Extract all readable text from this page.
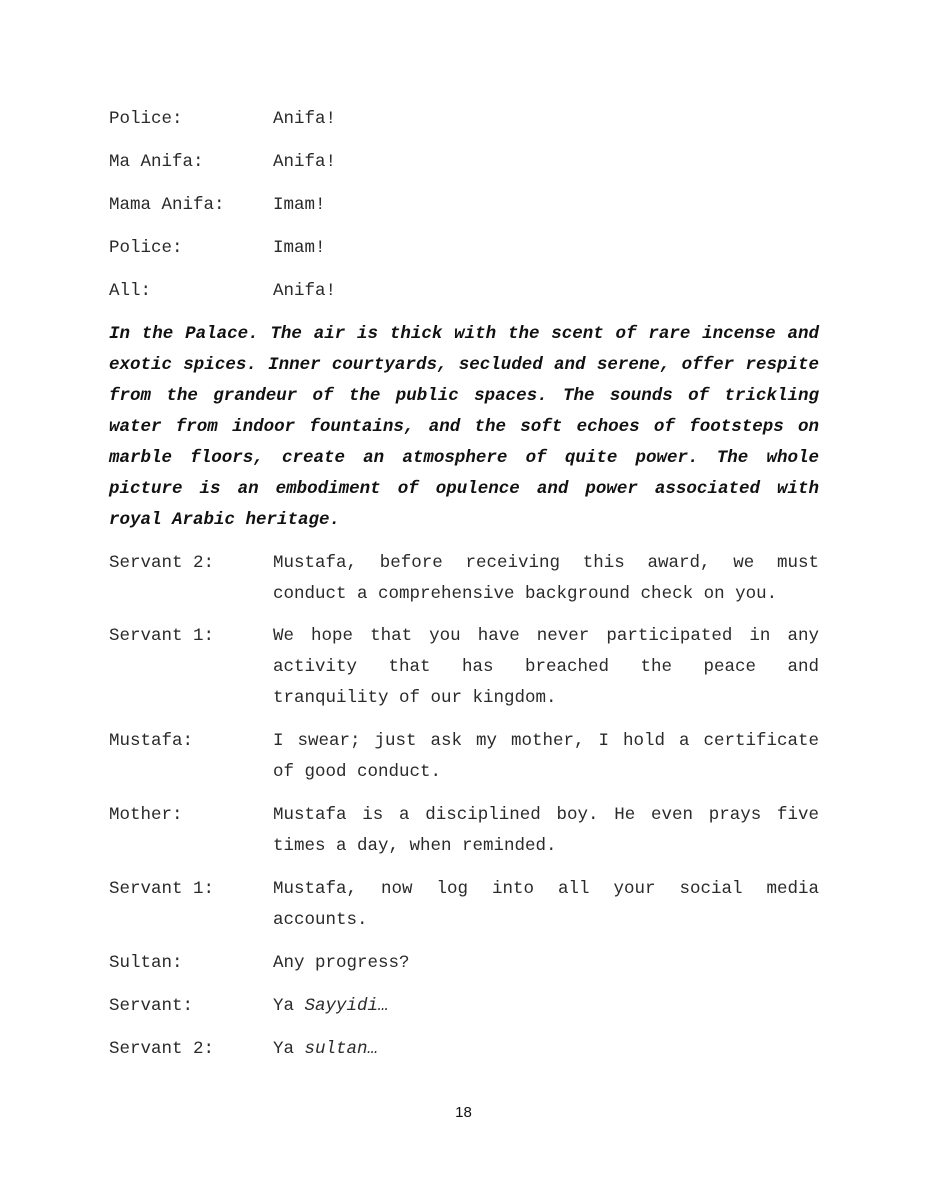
Police:	Anifa!
Ma Anifa:	Anifa!
Mama Anifa:	Imam!
Police:	Imam!
All:	Anifa!
In the Palace. The air is thick with the scent of rare incense and exotic spices. Inner courtyards, secluded and serene, offer respite from the grandeur of the public spaces. The sounds of trickling water from indoor fountains, and the soft echoes of footsteps on marble floors, create an atmosphere of quite power. The whole picture is an embodiment of opulence and power associated with royal Arabic heritage.
Servant 2:	Mustafa, before receiving this award, we must conduct a comprehensive background check on you.
Servant 1:	We hope that you have never participated in any activity that has breached the peace and tranquility of our kingdom.
Mustafa:	I swear; just ask my mother, I hold a certificate of good conduct.
Mother:	Mustafa is a disciplined boy. He even prays five times a day, when reminded.
Servant 1:	Mustafa, now log into all your social media accounts.
Sultan:	Any progress?
Servant:	Ya Sayyidi…
Servant 2:	Ya sultan…
18
